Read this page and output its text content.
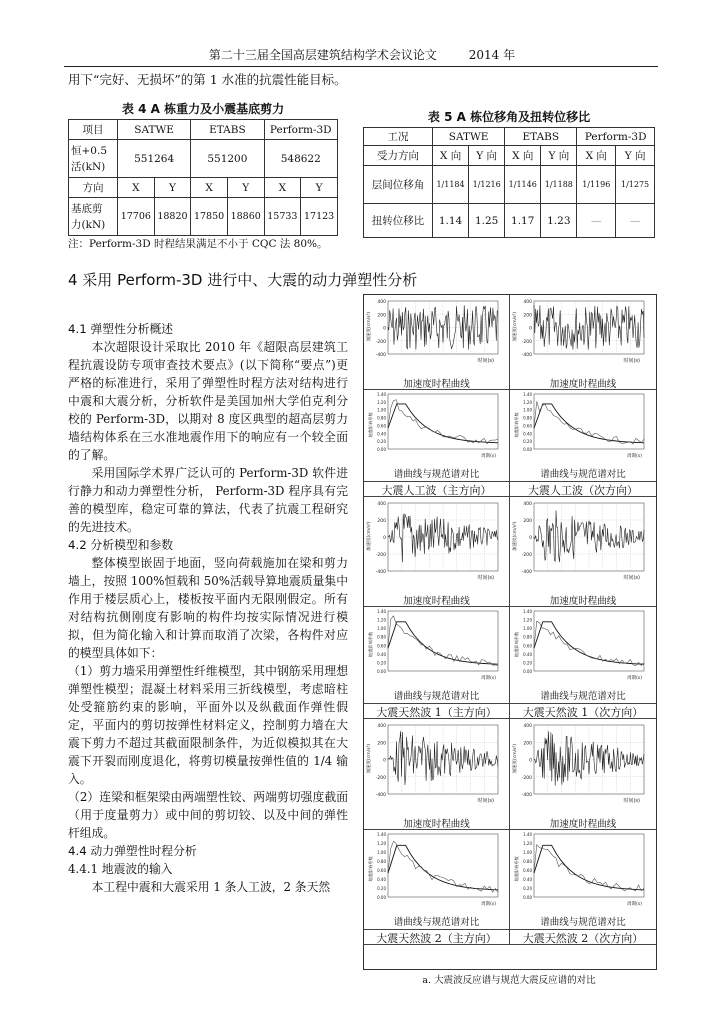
第二十三届全国高层建筑结构学术会议论文	2014 年
用下“完好、无损坏”的第 1 水准的抗震性能目标。
表 4 A 栋重力及小震基底剪力
项目	SATWE		ETABS		Perform-3D	
恒+0.5
活(kN)	551264		551200		548622	
方向	X	Y	X	Y	X	Y
基底剪
力(kN)	17706	18820	17850	18860	15733	17123
表 5 A 栋位移角及扭转位移比
工况	SATWE		ETABS		Perform-3D	
受力方向	X 向	Y 向	X 向	Y 向	X 向	Y 向
层间位移角	1/1184	1/1216	1/1146	1/1188	1/1196	1/1275
扭转位移比	1.14	1.25	1.17	1.23	—	—
注：Perform-3D 时程结果满足不小于 CQC 法 80%。
4 采用 Perform-3D 进行中、大震的动力弹塑性分析

4.1 弹塑性分析概述

本次超限设计采取比 2010 年《超限高层建筑工程抗震设防专项审查技术要点》(以下简称“要点”)更严格的标准进行，采用了弹塑性时程方法对结构进行中震和大震分析，分析软件是美国加州大学伯克利分校的 Perform-3D，以期对 8 度区典型的超高层剪力墙结构体系在三水准地震作用下的响应有一个较全面的了解。

采用国际学术界广泛认可的 Perform-3D 软件进行静力和动力弹塑性分析， Perform-3D 程序具有完善的模型库，稳定可靠的算法，代表了抗震工程研究的先进技术。

4.2 分析模型和参数

整体模型嵌固于地面，竖向荷载施加在梁和剪力墙上，按照 100%恒载和 50%活载导算地震质量集中作用于楼层质心上，楼板按平面内无限刚假定。所有对结构抗侧刚度有影响的构件均按实际情况进行模拟，但为简化输入和计算而取消了次梁，各构件对应的模型具体如下：

（1）剪力墙采用弹塑性纤维模型，其中钢筋采用理想弹塑性模型；混凝土材料采用三折线模型，考虑暗柱处受箍筋约束的影响，平面外以及纵截面作弹性假定，平面内的剪切按弹性材料定义，控制剪力墙在大震下剪力不超过其截面限制条件，为近似模拟其在大震下开裂而刚度退化，将剪切模量按弹性值的 1/4 输入。

（2）连梁和框架梁由两端塑性铰、两端剪切强度截面（用于度量剪力）或中间的剪切铰、以及中间的弹性杆组成。

4.4 动力弹塑性时程分析

4.4.1 地震波的输入

本工程中震和大震采用 1 条人工波，2 条天然

400
200
0
-200
-400
时间(s)
加速度(cm/s²)
加速度时程曲线
400
200
0
-200
-400
时间(s)
加速度(cm/s²)
加速度时程曲线
1.40
1.20
1.00
0.80
0.60
0.40
0.20
0.00
周期(s)
地震影响系数
谱曲线与规范谱对比
大震人工波（主方向）
1.40
1.20
1.00
0.80
0.60
0.40
0.20
0.00
周期(s)
地震影响系数
谱曲线与规范谱对比
大震人工波（次方向）
400
200
0
-200
-400
时间(s)
加速度(cm/s²)
加速度时程曲线
400
200
0
-200
-400
时间(s)
加速度(cm/s²)
加速度时程曲线
1.40
1.20
1.00
0.80
0.60
0.40
0.20
0.00
周期(s)
地震影响系数
谱曲线与规范谱对比
大震天然波 1（主方向）
1.40
1.20
1.00
0.80
0.60
0.40
0.20
0.00
周期(s)
地震影响系数
谱曲线与规范谱对比
大震天然波 1（次方向）
400
200
0
-200
-400
时间(s)
加速度(cm/s²)
加速度时程曲线
400
200
0
-200
-400
时间(s)
加速度(cm/s²)
加速度时程曲线
1.40
1.20
1.00
0.80
0.60
0.40
0.20
0.00
周期(s)
地震影响系数
谱曲线与规范谱对比
大震天然波 2（主方向）
1.40
1.20
1.00
0.80
0.60
0.40
0.20
0.00
周期(s)
地震影响系数
谱曲线与规范谱对比
大震天然波 2（次方向）
a. 大震波反应谱与规范大震反应谱的对比
